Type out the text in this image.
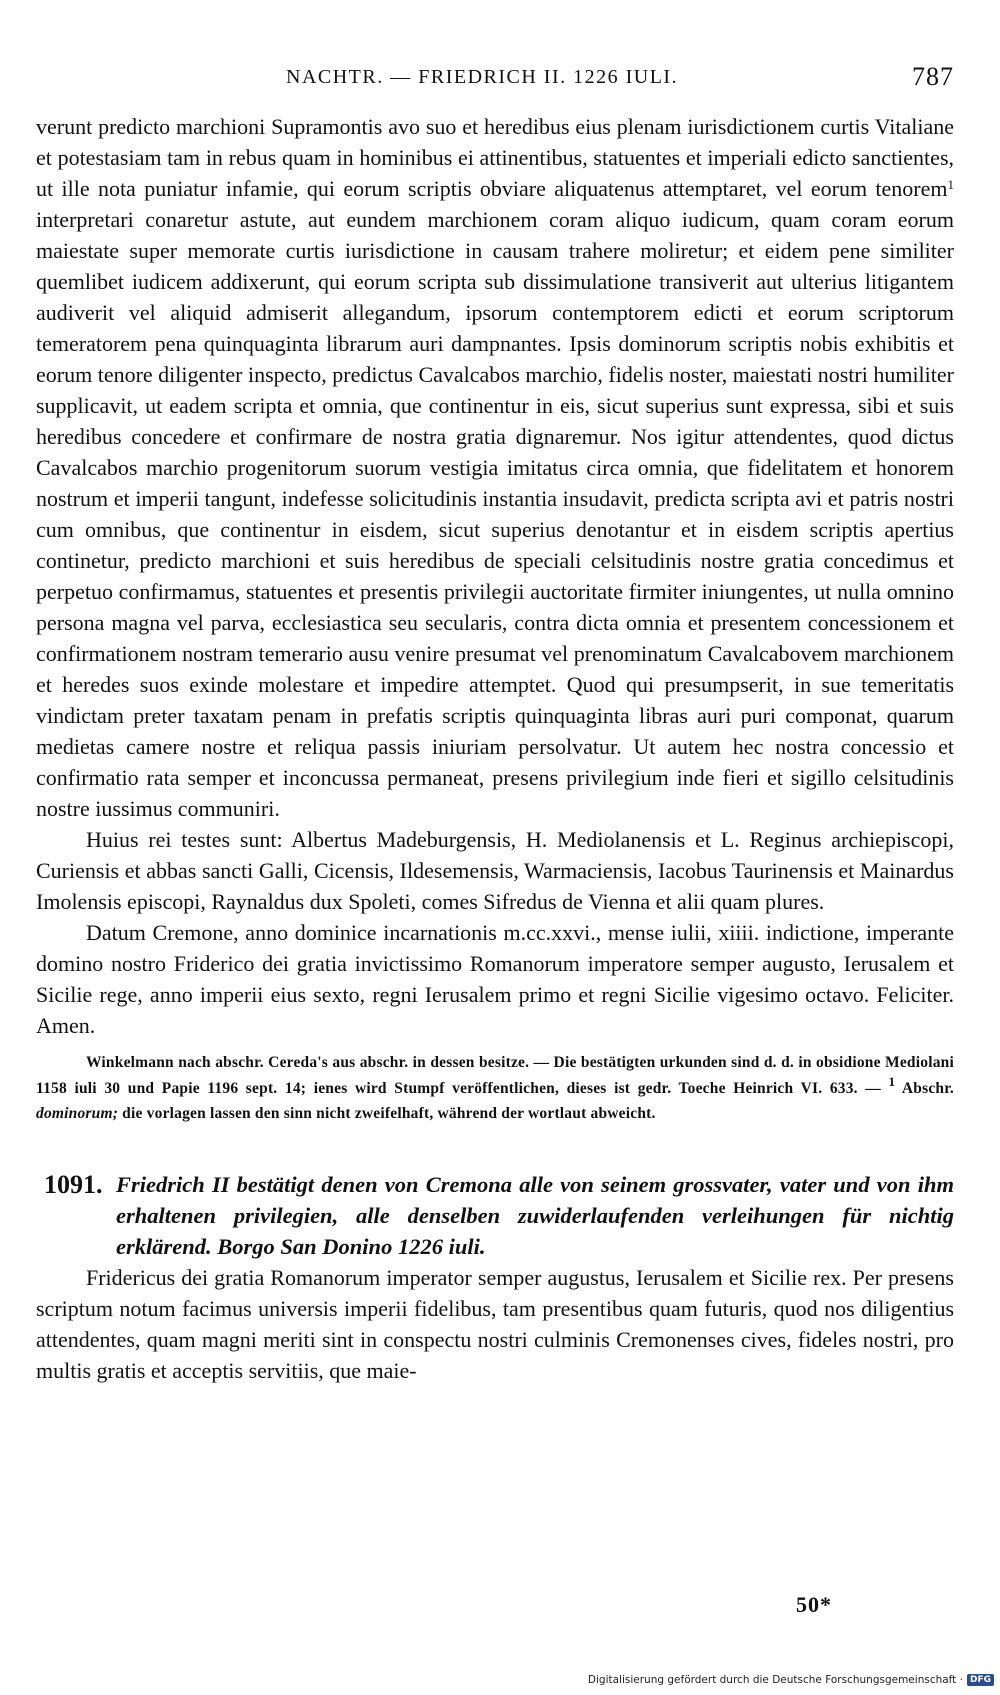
NACHTR. — FRIEDRICH II. 1226 IULI.	787

verunt predicto marchioni Supramontis avo suo et heredibus eius plenam iurisdictionem curtis Vitaliane et potestasiam tam in rebus quam in hominibus ei attinentibus, statuentes et imperiali edicto sanctientes, ut ille nota puniatur infamie, qui eorum scriptis obviare aliquatenus attemptaret, vel eorum tenorem$^1$ interpretari conaretur astute, aut eundem marchionem coram aliquo iudicum, quam coram eorum maiestate super memorate curtis iurisdictione in causam trahere moliretur; et eidem pene similiter quemlibet iudicem addixerunt, qui eorum scripta sub dissimulatione transiverit aut ulterius litigantem audiverit vel aliquid admiserit allegandum, ipsorum contemptorem edicti et eorum scriptorum temeratorem pena quinquaginta librarum auri dampnantes. Ipsis dominorum scriptis nobis exhibitis et eorum tenore diligenter inspecto, predictus Cavalcabos marchio, fidelis noster, maiestati nostri humiliter supplicavit, ut eadem scripta et omnia, que continentur in eis, sicut superius sunt expressa, sibi et suis heredibus concedere et confirmare de nostra gratia dignaremur. Nos igitur attendentes, quod dictus Cavalcabos marchio progenitorum suorum vestigia imitatus circa omnia, que fidelitatem et honorem nostrum et imperii tangunt, indefesse solicitudinis instantia insudavit, predicta scripta avi et patris nostri cum omnibus, que continentur in eisdem, sicut superius denotantur et in eisdem scriptis apertius continetur, predicto marchioni et suis heredibus de speciali celsitudinis nostre gratia concedimus et perpetuo confirmamus, statuentes et presentis privilegii auctoritate firmiter iniungentes, ut nulla omnino persona magna vel parva, ecclesiastica seu secularis, contra dicta omnia et presentem concessionem et confirmationem nostram temerario ausu venire presumat vel prenominatum Cavalcabovem marchionem et heredes suos exinde molestare et impedire attemptet. Quod qui presumpserit, in sue temeritatis vindictam preter taxatam penam in prefatis scriptis quinquaginta libras auri puri componat, quarum medietas camere nostre et reliqua passis iniuriam persolvatur. Ut autem hec nostra concessio et confirmatio rata semper et inconcussa permaneat, presens privilegium inde fieri et sigillo celsitudinis nostre iussimus communiri.

Huius rei testes sunt: Albertus Madeburgensis, H. Mediolanensis et L. Reginus archiepiscopi, Curiensis et abbas sancti Galli, Cicensis, Ildesemensis, Warmaciensis, Iacobus Taurinensis et Mainardus Imolensis episcopi, Raynaldus dux Spoleti, comes Sifredus de Vienna et alii quam plures.

Datum Cremone, anno dominice incarnationis m.cc.xxvi., mense iulii, xiiii. indictione, imperante domino nostro Friderico dei gratia invictissimo Romanorum imperatore semper augusto, Ierusalem et Sicilie rege, anno imperii eius sexto, regni Ierusalem primo et regni Sicilie vigesimo octavo. Feliciter. Amen.

Winkelmann nach abschr. Cereda's aus abschr. in dessen besitze. — Die bestätigten urkunden sind d. d. in obsidione Mediolani 1158 iuli 30 und Papie 1196 sept. 14; ienes wird Stumpf veröffentlichen, dieses ist gedr. Toeche Heinrich VI. 633. — $^1$ Abschr. dominorum; die vorlagen lassen den sinn nicht zweifelhaft, während der wortlaut abweicht.

1091. Friedrich II bestätigt denen von Cremona alle von seinem grossvater, vater und von ihm erhaltenen privilegien, alle denselben zuwiderlaufenden verleihungen für nichtig erklärend. Borgo San Donino 1226 iuli.

Fridericus dei gratia Romanorum imperator semper augustus, Ierusalem et Sicilie rex. Per presens scriptum notum facimus universis imperii fidelibus, tam presentibus quam futuris, quod nos diligentius attendentes, quam magni meriti sint in conspectu nostri culminis Cremonenses cives, fideles nostri, pro multis gratis et acceptis servitiis, que maie-

50*
Digitalisierung gefördert durch die Deutsche Forschungsgemeinschaft · DFG
